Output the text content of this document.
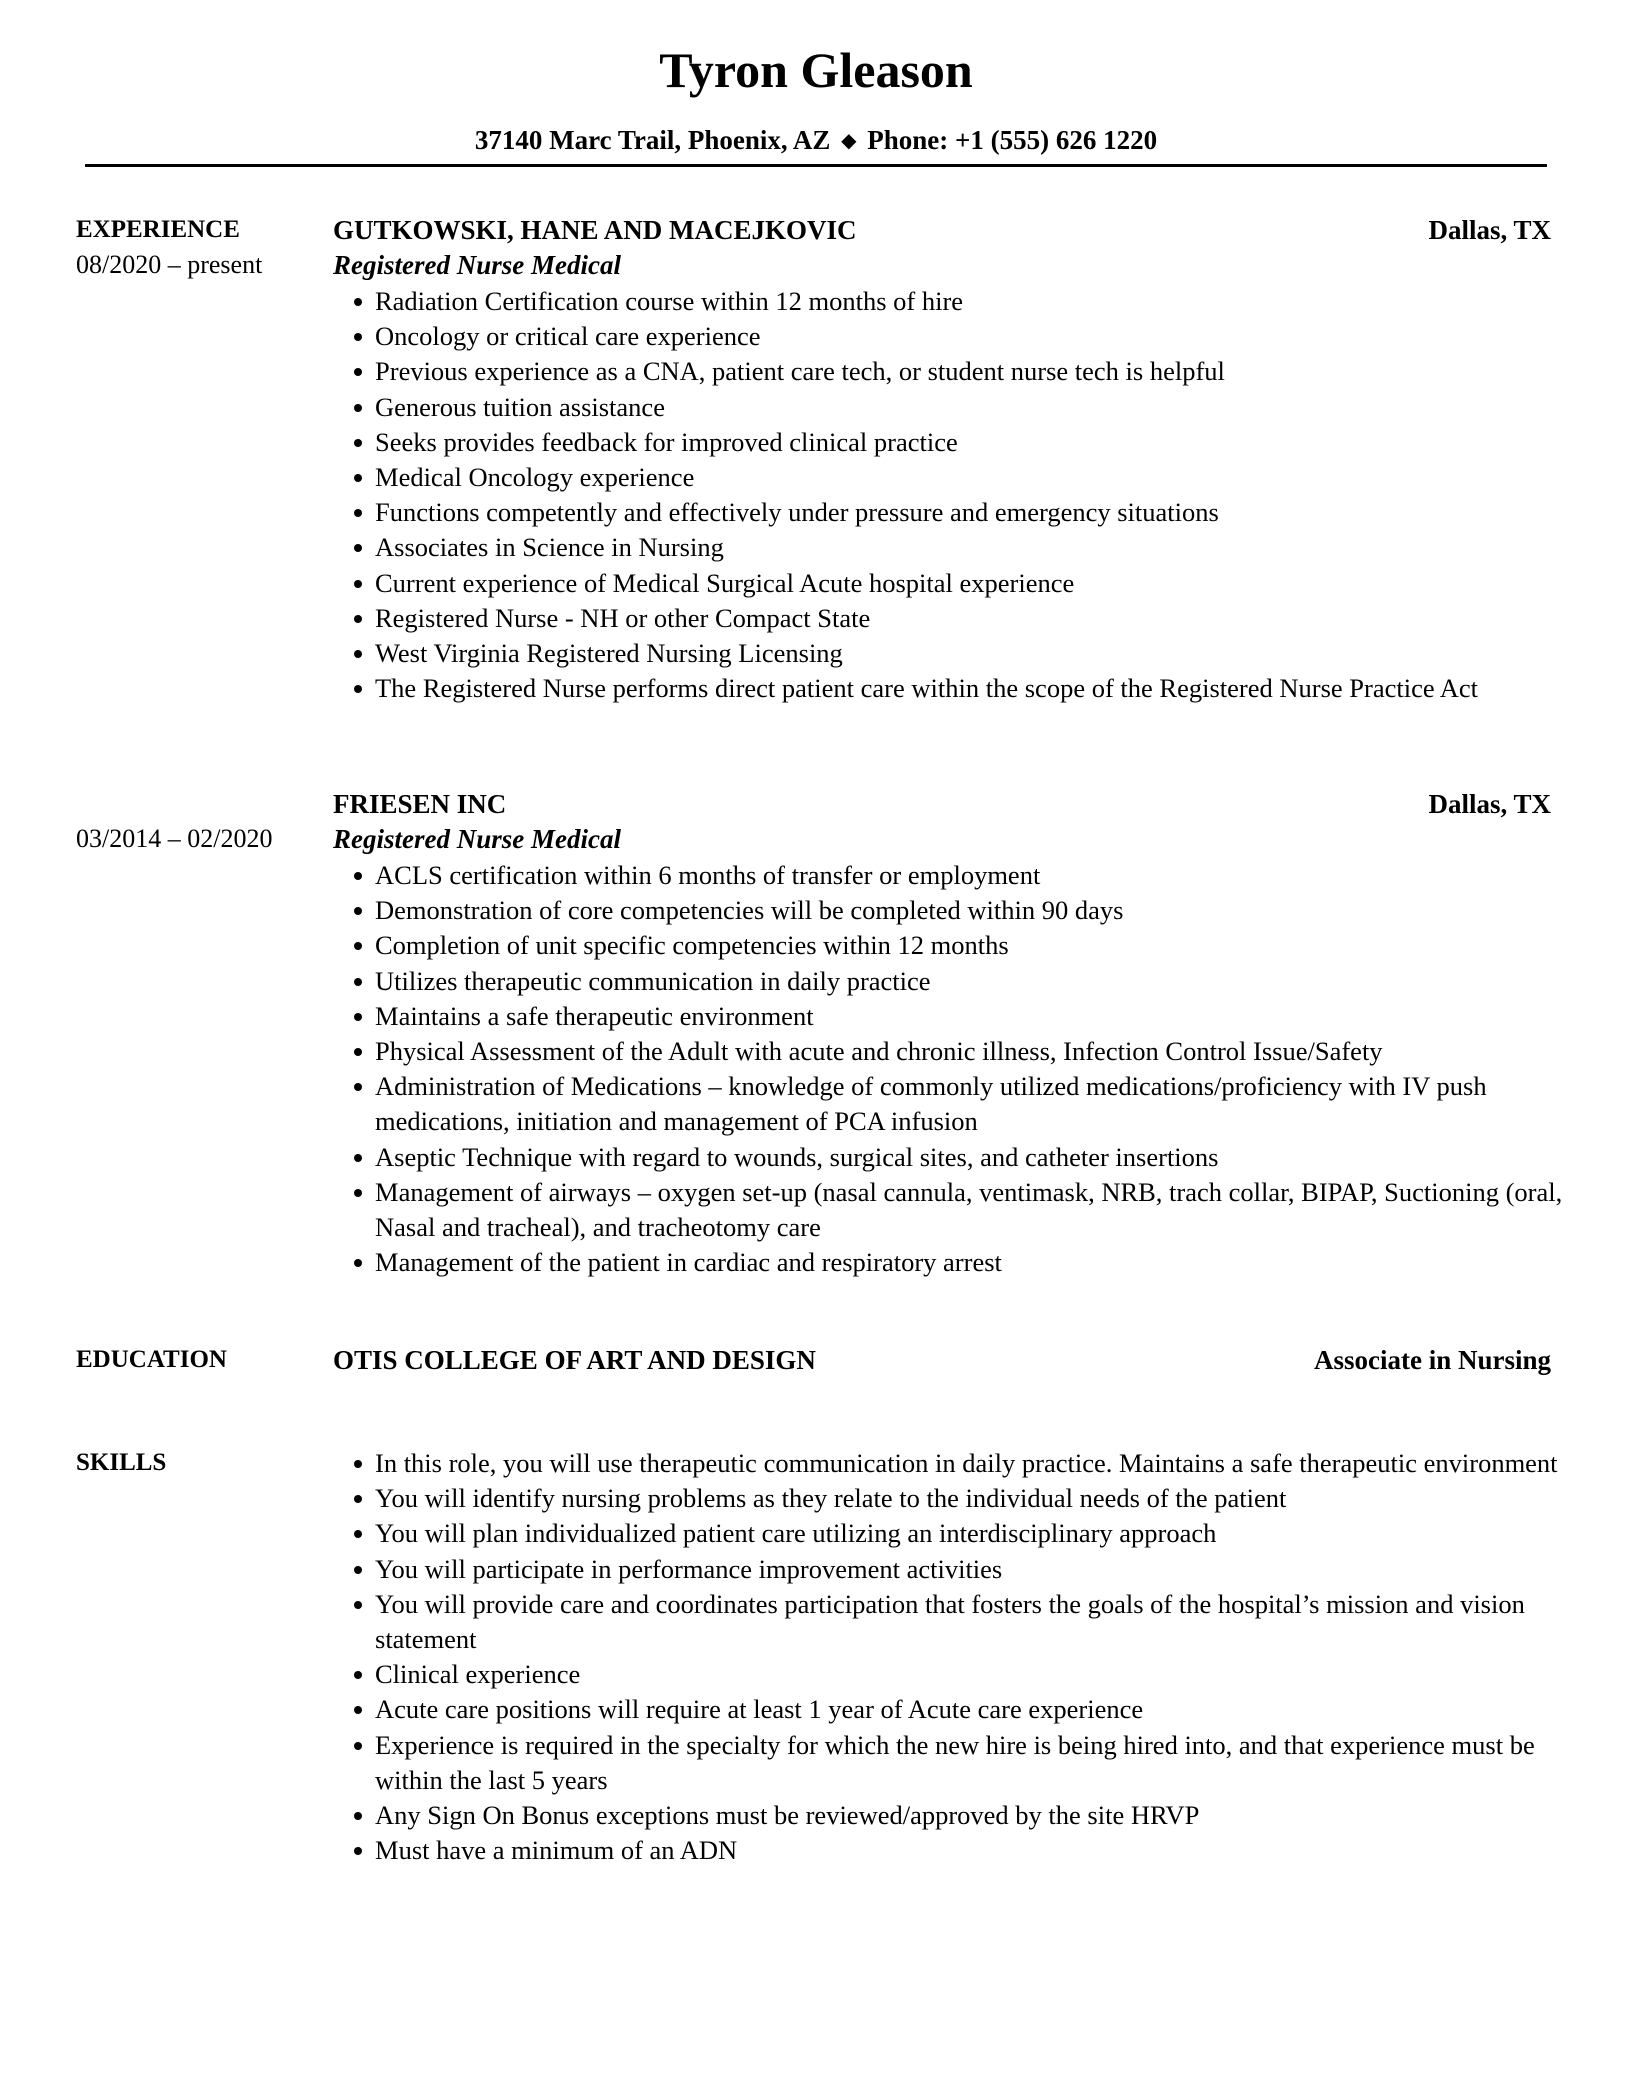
Tyron Gleason
37140 Marc Trail, Phoenix, AZ ◆ Phone: +1 (555) 626 1220
EXPERIENCE
08/2020 – present
GUTKOWSKI, HANE AND MACEJKOVIC	Dallas, TX
Registered Nurse Medical
Radiation Certification course within 12 months of hire
Oncology or critical care experience
Previous experience as a CNA, patient care tech, or student nurse tech is helpful
Generous tuition assistance
Seeks provides feedback for improved clinical practice
Medical Oncology experience
Functions competently and effectively under pressure and emergency situations
Associates in Science in Nursing
Current experience of Medical Surgical Acute hospital experience
Registered Nurse - NH or other Compact State
West Virginia Registered Nursing Licensing
The Registered Nurse performs direct patient care within the scope of the Registered Nurse Practice Act
FRIESEN INC	Dallas, TX
03/2014 – 02/2020 Registered Nurse Medical
ACLS certification within 6 months of transfer or employment
Demonstration of core competencies will be completed within 90 days
Completion of unit specific competencies within 12 months
Utilizes therapeutic communication in daily practice
Maintains a safe therapeutic environment
Physical Assessment of the Adult with acute and chronic illness, Infection Control Issue/Safety
Administration of Medications – knowledge of commonly utilized medications/proficiency with IV push medications, initiation and management of PCA infusion
Aseptic Technique with regard to wounds, surgical sites, and catheter insertions
Management of airways – oxygen set-up (nasal cannula, ventimask, NRB, trach collar, BIPAP, Suctioning (oral, Nasal and tracheal), and tracheotomy care
Management of the patient in cardiac and respiratory arrest
EDUCATION	OTIS COLLEGE OF ART AND DESIGN	Associate in Nursing
SKILLS	In this role, you will use therapeutic communication in daily practice. Maintains a safe therapeutic environment
You will identify nursing problems as they relate to the individual needs of the patient
You will plan individualized patient care utilizing an interdisciplinary approach
You will participate in performance improvement activities
You will provide care and coordinates participation that fosters the goals of the hospital’s mission and vision statement
Clinical experience
Acute care positions will require at least 1 year of Acute care experience
Experience is required in the specialty for which the new hire is being hired into, and that experience must be within the last 5 years
Any Sign On Bonus exceptions must be reviewed/approved by the site HRVP
Must have a minimum of an ADN
